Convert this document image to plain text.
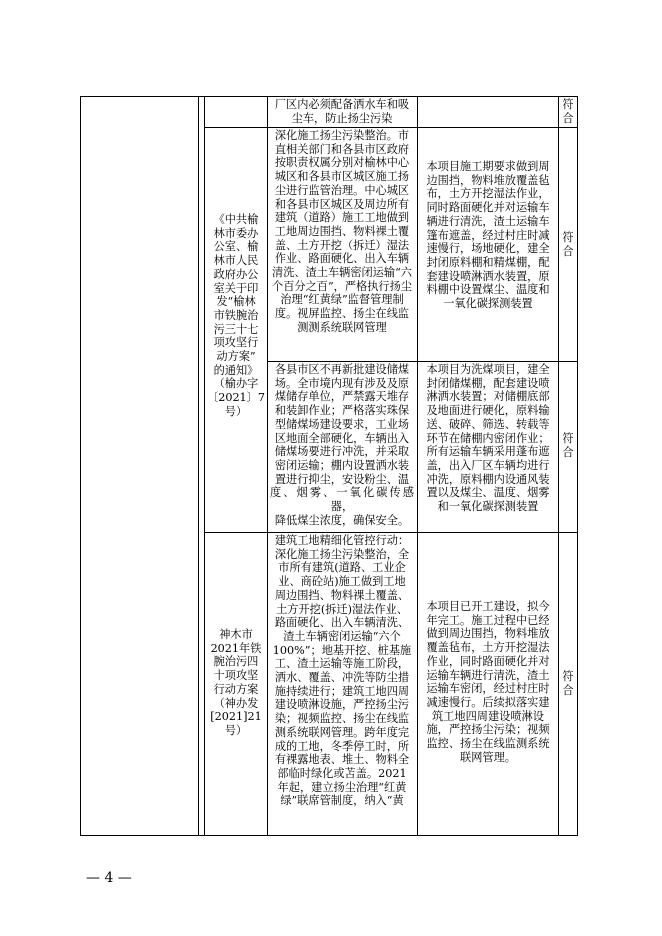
厂区内必须配备洒水车和吸

尘车，防止扬尘污染

符

合

《中共榆

林市委办

公室、榆

林市人民

政府办公

室关于印

发“榆林

市铁腕治

污三十七

项攻坚行

动方案”

的通知》

（榆办字

〔2021〕7

号）

深化施工扬尘污染整治。市

直相关部门和各县市区政府

按职责权属分别对榆林中心

城区和各县市区城区施工扬

尘进行监管治理。中心城区

和各县市区城区及周边所有

建筑（道路）施工工地做到

工地周边围挡、物料裸土覆

盖、土方开挖（拆迁）湿法

作业、路面硬化、出入车辆

清洗、渣土车辆密闭运输“六

个百分之百”，严格执行扬尘

治理“红黄绿”监督管理制

度。视屏监控、扬尘在线监

测测系统联网管理

本项目施工期要求做到周

边围挡，物料堆放覆盖毡

布，土方开挖湿法作业，

同时路面硬化并对运输车

辆进行清洗，渣土运输车

篷布遮盖，经过村庄时减

速慢行，场地硬化，建全

封闭原料棚和精煤棚，配

套建设喷淋洒水装置，原

料棚中设置煤尘、温度和

一氧化碳探测装置

符

合

各县市区不再新批建设储煤

场。全市境内现有涉及及原

煤储存单位，严禁露天堆存

和装卸作业；严格落实珠保

型储煤场建设要求，工业场

区地面全部硬化，车辆出入

储煤场要进行冲洗，并采取

密闭运输；棚内设置洒水装

置进行抑尘，安设粉尘、温

度、烟雾、一氧化碳传感器，

降低煤尘浓度，确保安全。

本项目为洗煤项目，建全

封闭储煤棚，配套建设喷

淋洒水装置；对储棚底部

及地面进行硬化，原料输

送、破碎、筛选、转载等

环节在储棚内密闭作业；

所有运输车辆采用蓬布遮

盖，出入厂区车辆均进行

冲洗，原料棚内设通风装

置以及煤尘、温度、烟雾

和一氧化碳探测装置

符

合

神木市

2021年铁

腕治污四

十项攻坚

行动方案

（神办发

[2021]21

号）

建筑工地精细化管控行动：

深化施工扬尘污染整治，全

市所有建筑(道路、工业企

业、商砼站)施工做到工地

周边围挡、物料裸土覆盖、

土方开挖(拆迁)湿法作业、

路面硬化、出入车辆清洗、

渣土车辆密闭运输“六个

100%”；地基开挖、桩基施

工、渣土运输等施工阶段，

洒水、覆盖、冲洗等防尘措

施持续进行；建筑工地四周

建设喷淋设施，严控扬尘污

染；视频监控、扬尘在线监

测系统联网管理。跨年度完

成的工地，冬季停工时，所

有裸露地表、堆土、物料全

部临时绿化或苫盖。2021

年起，建立扬尘治理“红黄

绿”联席管制度，纳入“黄

本项目已开工建设，拟今

年完工。施工过程中已经

做到周边围挡，物料堆放

覆盖毡布，土方开挖湿法

作业，同时路面硬化并对

运输车辆进行清洗，渣土

运输车密闭，经过村庄时

减速慢行。后续拟落实建

筑工地四周建设喷淋设

施，严控扬尘污染；视频

监控、扬尘在线监测系统

联网管理。

符

合

— 4 —
